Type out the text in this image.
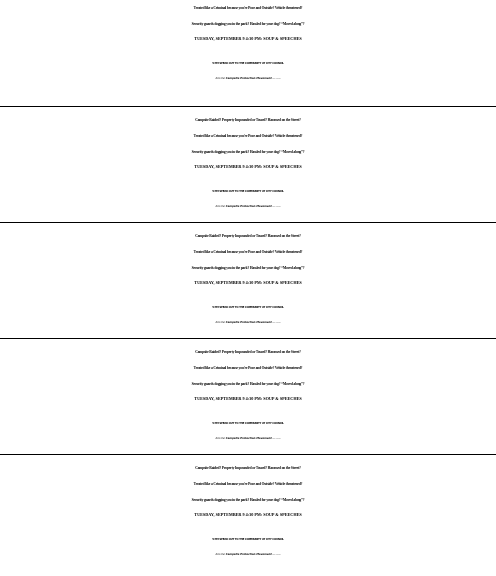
Treated like a Criminal because you're Poor and Outside? Vehicle threatened?

Security guards dogging you in the park? Hassled for your dog? “Moved along”?

TUESDAY, SEPTEMBER 9 4:30 PM: SOUP & SPEECHES

5 PM SPEAK OUT TO THE COMMUNITY AT CITY COUNCIL

Join the Campsite Protection Movement

Campsite Raided? Property Impounded or Tossed? Harassed on the Street?

Treated like a Criminal because you're Poor and Outside? Vehicle threatened?

Security guards dogging you in the park? Hassled for your dog? “Moved along”?

TUESDAY, SEPTEMBER 9 4:30 PM: SOUP & SPEECHES

5 PM SPEAK OUT TO THE COMMUNITY AT CITY COUNCIL

Join the Campsite Protection Movement

Campsite Raided? Property Impounded or Tossed? Harassed on the Street?

Treated like a Criminal because you're Poor and Outside? Vehicle threatened?

Security guards dogging you in the park? Hassled for your dog? “Moved along”?

TUESDAY, SEPTEMBER 9 4:30 PM: SOUP & SPEECHES

5 PM SPEAK OUT TO THE COMMUNITY AT CITY COUNCIL

Join the Campsite Protection Movement

Campsite Raided? Property Impounded or Tossed? Harassed on the Street?

Treated like a Criminal because you're Poor and Outside? Vehicle threatened?

Security guards dogging you in the park? Hassled for your dog? “Moved along”?

TUESDAY, SEPTEMBER 9 4:30 PM: SOUP & SPEECHES

5 PM SPEAK OUT TO THE COMMUNITY AT CITY COUNCIL

Join the Campsite Protection Movement

Campsite Raided? Property Impounded or Tossed? Harassed on the Street?

Treated like a Criminal because you're Poor and Outside? Vehicle threatened?

Security guards dogging you in the park? Hassled for your dog? “Moved along”?

TUESDAY, SEPTEMBER 9 4:30 PM: SOUP & SPEECHES

5 PM SPEAK OUT TO THE COMMUNITY AT CITY COUNCIL

Join the Campsite Protection Movement
